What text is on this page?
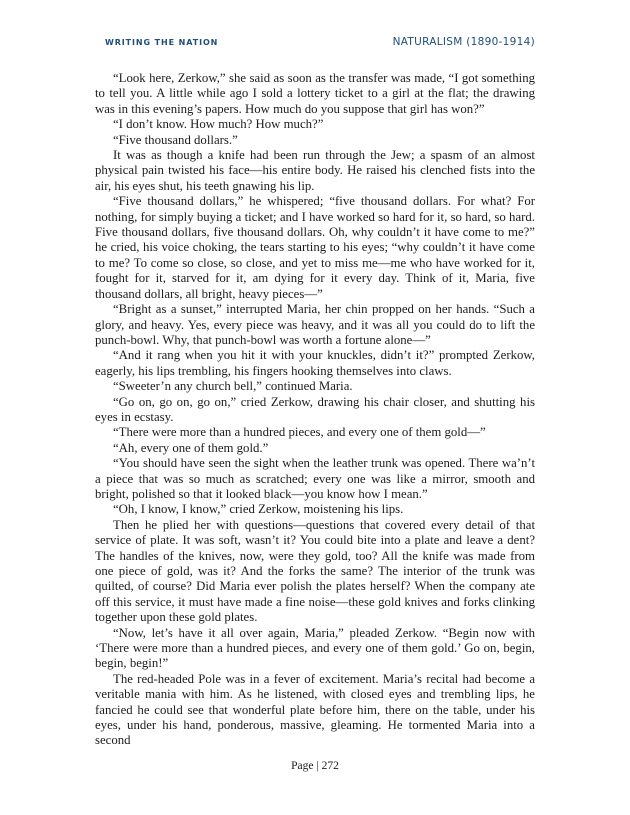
WRITING THE NATION	NATURALISM (1890-1914)

“Look here, Zerkow,” she said as soon as the transfer was made, “I got something to tell you. A little while ago I sold a lottery ticket to a girl at the flat; the drawing was in this evening’s papers. How much do you suppose that girl has won?”

“I don’t know. How much? How much?”

“Five thousand dollars.”

It was as though a knife had been run through the Jew; a spasm of an almost physical pain twisted his face—his entire body. He raised his clenched fists into the air, his eyes shut, his teeth gnawing his lip.

“Five thousand dollars,” he whispered; “five thousand dollars. For what? For nothing, for simply buying a ticket; and I have worked so hard for it, so hard, so hard. Five thousand dollars, five thousand dollars. Oh, why couldn’t it have come to me?” he cried, his voice choking, the tears starting to his eyes; “why couldn’t it have come to me? To come so close, so close, and yet to miss me—me who have worked for it, fought for it, starved for it, am dying for it every day. Think of it, Maria, five thousand dollars, all bright, heavy pieces—”

“Bright as a sunset,” interrupted Maria, her chin propped on her hands. “Such a glory, and heavy. Yes, every piece was heavy, and it was all you could do to lift the punch-bowl. Why, that punch-bowl was worth a fortune alone—”

“And it rang when you hit it with your knuckles, didn’t it?” prompted Zerkow, eagerly, his lips trembling, his fingers hooking themselves into claws.

“Sweeter’n any church bell,” continued Maria.

“Go on, go on, go on,” cried Zerkow, drawing his chair closer, and shutting his eyes in ecstasy.

“There were more than a hundred pieces, and every one of them gold—”

“Ah, every one of them gold.”

“You should have seen the sight when the leather trunk was opened. There wa’n’t a piece that was so much as scratched; every one was like a mirror, smooth and bright, polished so that it looked black—you know how I mean.”

“Oh, I know, I know,” cried Zerkow, moistening his lips.

Then he plied her with questions—questions that covered every detail of that service of plate. It was soft, wasn’t it? You could bite into a plate and leave a dent? The handles of the knives, now, were they gold, too? All the knife was made from one piece of gold, was it? And the forks the same? The interior of the trunk was quilted, of course? Did Maria ever polish the plates herself? When the company ate off this service, it must have made a fine noise—these gold knives and forks clinking together upon these gold plates.

“Now, let’s have it all over again, Maria,” pleaded Zerkow. “Begin now with ‘There were more than a hundred pieces, and every one of them gold.’ Go on, begin, begin, begin!”

The red-headed Pole was in a fever of excitement. Maria’s recital had become a veritable mania with him. As he listened, with closed eyes and trembling lips, he fancied he could see that wonderful plate before him, there on the table, under his eyes, under his hand, ponderous, massive, gleaming. He tormented Maria into a second

Page | 272
